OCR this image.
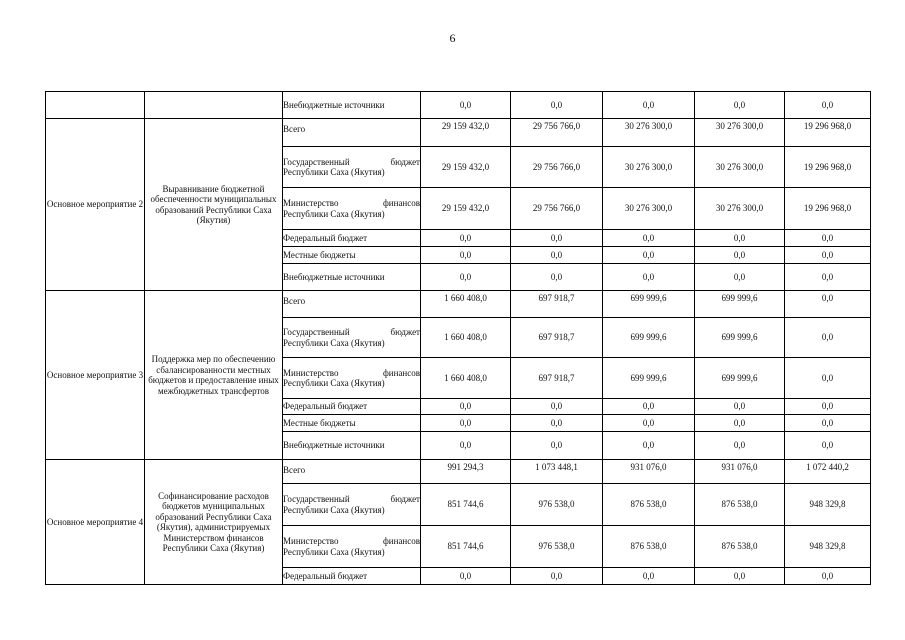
6

		Внебюджетные источники	0,0	0,0	0,0	0,0	0,0
Основное мероприятие 2	Выравнивание бюджетной обеспеченности муниципальных образований Республики Саха (Якутия)	Всего	29 159 432,0	29 756 766,0	30 276 300,0	30 276 300,0	19 296 968,0

		Государственный бюджет
Республики Саха (Якутия)	29 159 432,0	29 756 766,0	30 276 300,0	30 276 300,0	19 296 968,0

		Министерство финансов
Республики Саха (Якутия)	29 159 432,0	29 756 766,0	30 276 300,0	30 276 300,0	19 296 968,0

		Федеральный бюджет	0,0	0,0	0,0	0,0	0,0

		Местные бюджеты	0,0	0,0	0,0	0,0	0,0

		Внебюджетные источники	0,0	0,0	0,0	0,0	0,0
Основное мероприятие 3	Поддержка мер по обеспечению сбалансированности местных бюджетов и предоставление иных межбюджетных трансфертов	Всего	1 660 408,0	697 918,7	699 999,6	699 999,6	0,0

		Государственный бюджет
Республики Саха (Якутия)	1 660 408,0	697 918,7	699 999,6	699 999,6	0,0

		Министерство финансов
Республики Саха (Якутия)	1 660 408,0	697 918,7	699 999,6	699 999,6	0,0

		Федеральный бюджет	0,0	0,0	0,0	0,0	0,0

		Местные бюджеты	0,0	0,0	0,0	0,0	0,0

		Внебюджетные источники	0,0	0,0	0,0	0,0	0,0
Основное мероприятие 4	Софинансирование расходов бюджетов муниципальных образований Республики Саха (Якутия), администрируемых Министерством финансов Республики Саха (Якутия)	Всего	991 294,3	1 073 448,1	931 076,0	931 076,0	1 072 440,2

		Государственный бюджет
Республики Саха (Якутия)	851 744,6	976 538,0	876 538,0	876 538,0	948 329,8

		Министерство финансов
Республики Саха (Якутия)	851 744,6	976 538,0	876 538,0	876 538,0	948 329,8

		Федеральный бюджет	0,0	0,0	0,0	0,0	0,0
